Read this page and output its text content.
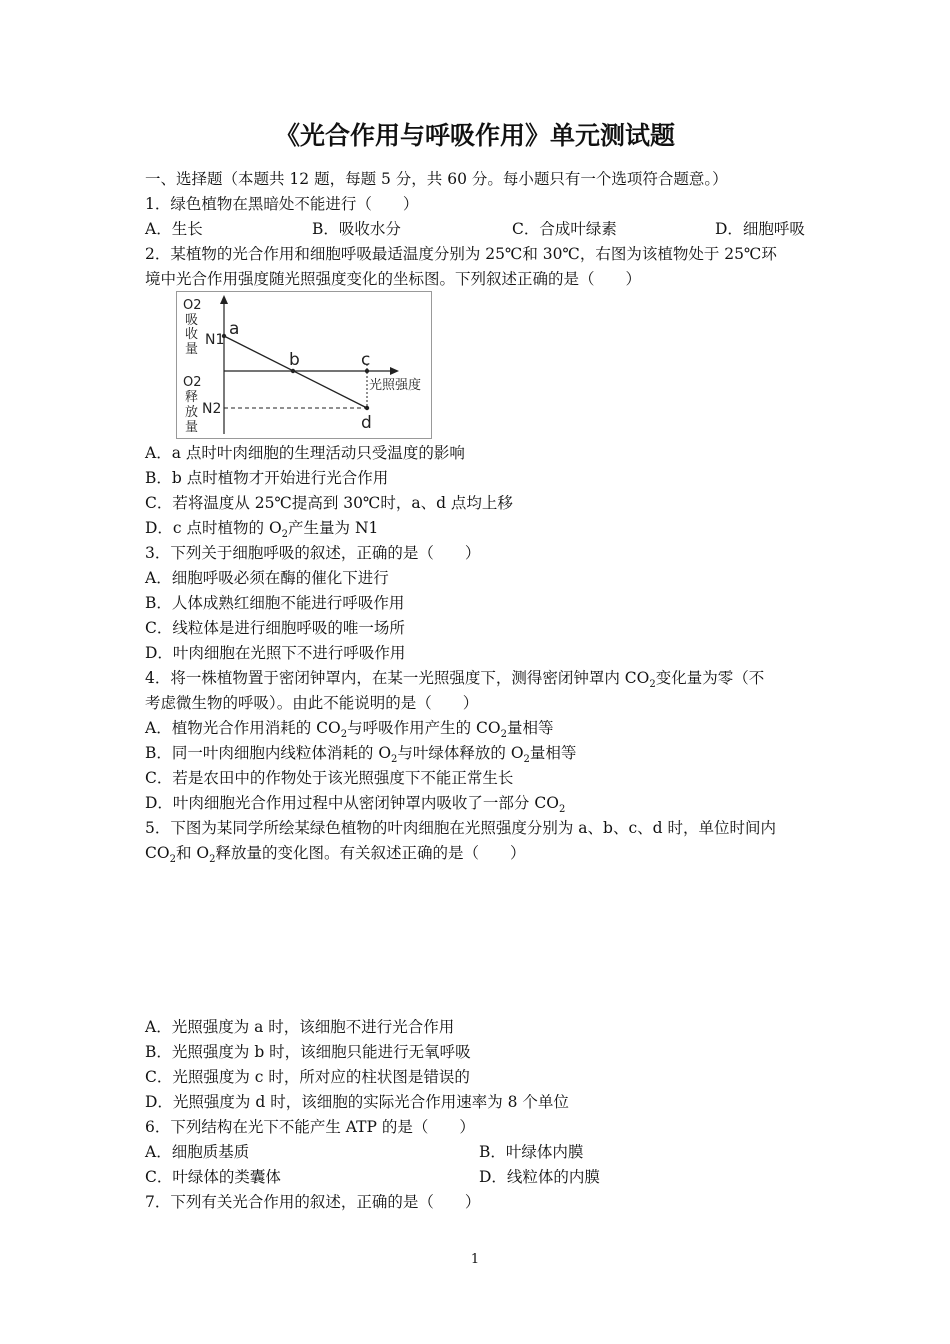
《光合作用与呼吸作用》单元测试题
一、选择题（本题共 12 题，每题 5 分，共 60 分。每小题只有一个选项符合题意。）
1．绿色植物在黑暗处不能进行（　　）
A．生长	B．吸收水分	C．合成叶绿素	D．细胞呼吸
2．某植物的光合作用和细胞呼吸最适温度分别为 25℃和 30℃，右图为该植物处于 25℃环
境中光合作用强度随光照强度变化的坐标图。下列叙述正确的是（　　）
O2
吸
收
量
N1
O2
释
放
量
N2
a
b	c
d
光照强度
A．a 点时叶肉细胞的生理活动只受温度的影响
B．b 点时植物才开始进行光合作用
C．若将温度从 25℃提高到 30℃时，a、d 点均上移
D．c 点时植物的 $O_2$产生量为 N1
3．下列关于细胞呼吸的叙述，正确的是（　　）
A．细胞呼吸必须在酶的催化下进行
B．人体成熟红细胞不能进行呼吸作用
C．线粒体是进行细胞呼吸的唯一场所
D．叶肉细胞在光照下不进行呼吸作用
4．将一株植物置于密闭钟罩内，在某一光照强度下，测得密闭钟罩内 $CO_2$变化量为零（不
考虑微生物的呼吸）。由此不能说明的是（　　）
A．植物光合作用消耗的 $CO_2$与呼吸作用产生的 $CO_2$量相等
B．同一叶肉细胞内线粒体消耗的 $O_2$与叶绿体释放的 $O_2$量相等
C．若是农田中的作物处于该光照强度下不能正常生长
D．叶肉细胞光合作用过程中从密闭钟罩内吸收了一部分 $CO_2$
5．下图为某同学所绘某绿色植物的叶肉细胞在光照强度分别为 a、b、c、d 时，单位时间内
$CO_2$和 $O_2$释放量的变化图。有关叙述正确的是（　　）
A．光照强度为 a 时，该细胞不进行光合作用
B．光照强度为 b 时，该细胞只能进行无氧呼吸
C．光照强度为 c 时，所对应的柱状图是错误的
D．光照强度为 d 时，该细胞的实际光合作用速率为 8 个单位
6．下列结构在光下不能产生 ATP 的是（　　）
A．细胞质基质	B．叶绿体内膜
C．叶绿体的类囊体	D．线粒体的内膜
7．下列有关光合作用的叙述，正确的是（　　）
1
